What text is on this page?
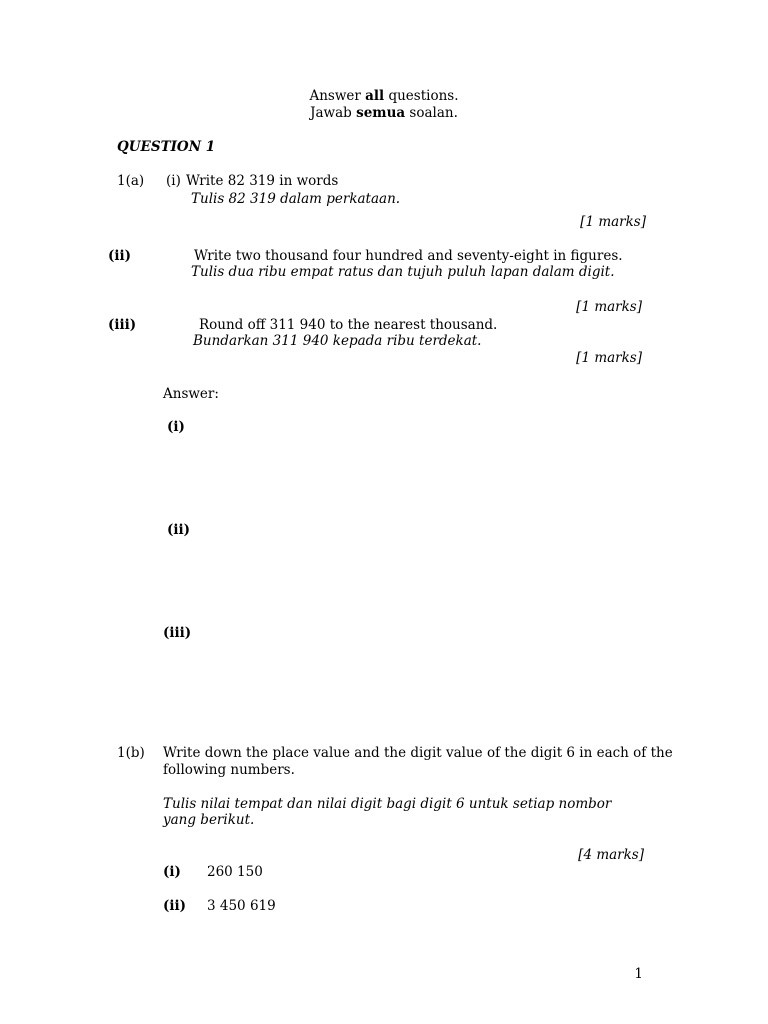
Answer all questions.
Jawab semua soalan.
QUESTION 1
1(a) (i) Write 82 319 in words
Tulis 82 319 dalam perkataan.
[1 marks]
(ii)	Write two thousand four hundred and seventy-eight in figures.
Tulis dua ribu empat ratus dan tujuh puluh lapan dalam digit.
[1 marks]
(iii)	Round off 311 940 to the nearest thousand.
Bundarkan 311 940 kepada ribu terdekat.
[1 marks]
Answer:
(i)
(ii)
(iii)
1(b) Write down the place value and the digit value of the digit 6 in each of the
following numbers.
Tulis nilai tempat dan nilai digit bagi digit 6 untuk setiap nombor
yang berikut.
[4 marks]
(i) 260 150
(ii) 3 450 619
1
